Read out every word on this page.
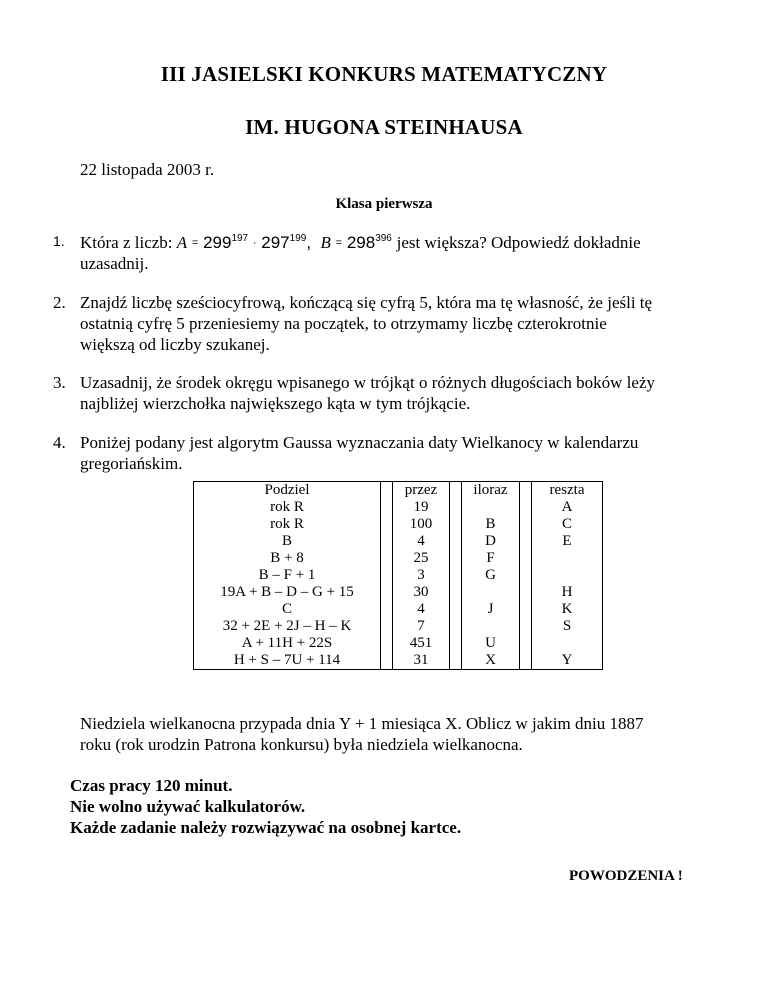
III JASIELSKI KONKURS MATEMATYCZNY
IM. HUGONA STEINHAUSA
22 listopada 2003 r.
Klasa pierwsza
1. Która z liczb: $A = 299^{197} \cdot 297^{199}$, $B = 298^{396}$ jest większa? Odpowiedź dokładnie
uzasadnij.
2. Znajdź liczbę sześciocyfrową, kończącą się cyfrą 5, która ma tę własność, że jeśli tę
ostatnią cyfrę 5 przeniesiemy na początek, to otrzymamy liczbę czterokrotnie
większą od liczby szukanej.
3. Uzasadnij, że środek okręgu wpisanego w trójkąt o różnych długościach boków leży
najbliżej wierzchołka największego kąta w tym trójkącie.
4. Poniżej podany jest algorytm Gaussa wyznaczania daty Wielkanocy w kalendarzu
gregoriańskim.
Podziel		przez		iloraz		reszta
rok R		19				A
rok R		100		B		C
B		4		D		E
B + 8		25		F		
B – F + 1		3		G		
19A + B – D – G + 15		30				H
C		4		J		K
32 + 2E + 2J – H – K		7				S
A + 11H + 22S		451		U		
H + S – 7U + 114		31		X		Y
Niedziela wielkanocna przypada dnia Y + 1 miesiąca X. Oblicz w jakim dniu 1887
roku (rok urodzin Patrona konkursu) była niedziela wielkanocna.
Czas pracy 120 minut.
Nie wolno używać kalkulatorów.
Każde zadanie należy rozwiązywać na osobnej kartce.
POWODZENIA !
